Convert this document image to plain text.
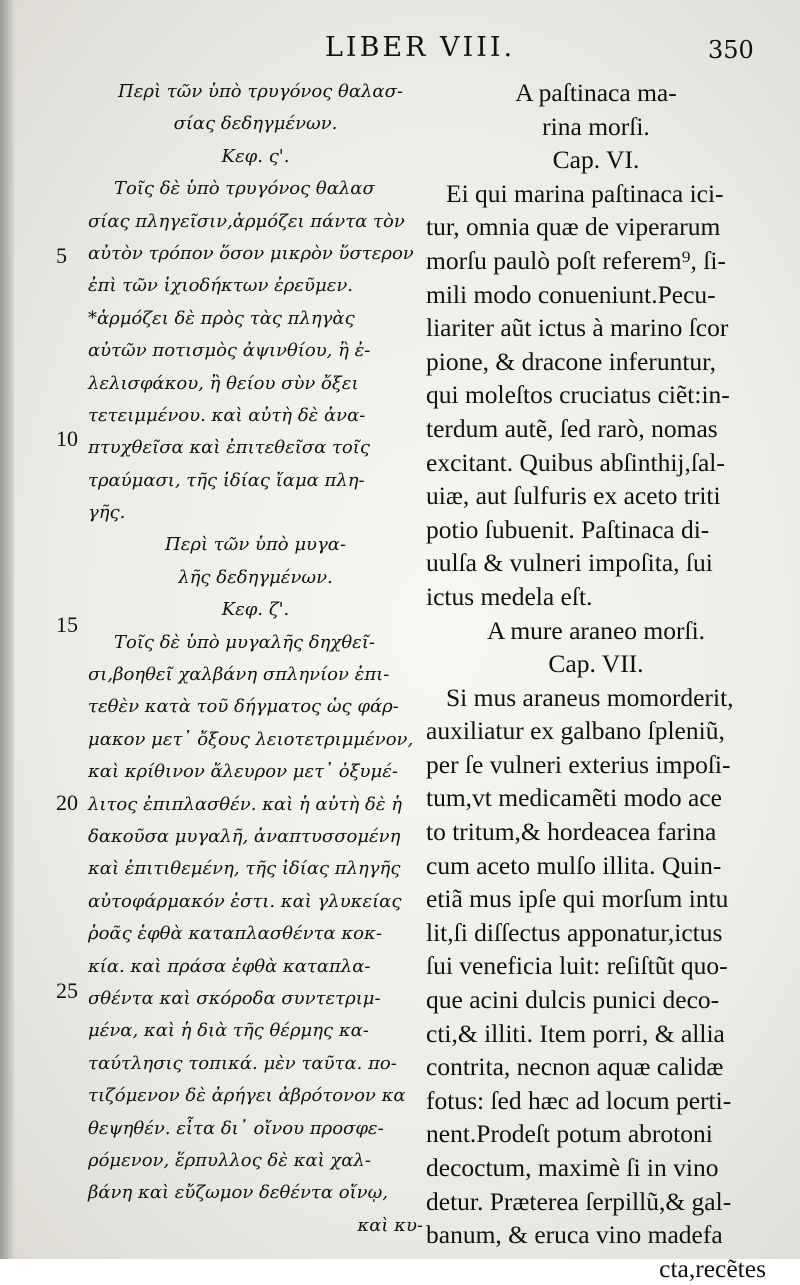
LIBER VIII.	350
5
10
15
20
25
Περὶ τῶν ὑπὸ τρυγόνος θαλασ-
σίας δεδηγμένων.
Κεφ. ς'.
Τοῖς δὲ ὑπὸ τρυγόνος θαλασ
σίας πληγεῖσιν,ἁρμόζει πάντα τὸν
αὐτὸν τρόπον ὅσον μικρὸν ὕστερον
ἐπὶ τῶν ἰχιοδήκτων ἐρεῦμεν.
*ἁρμόζει δὲ πρὸς τὰς πληγὰς
αὐτῶν ποτισμὸς ἀψινθίου, ἢ ἐ-
λελισφάκου, ἢ θείου σὺν ὄξει
τετειμμένου. καὶ αὐτὴ δὲ ἀνα-
πτυχθεῖσα καὶ ἐπιτεθεῖσα τοῖς
τραύμασι, τῆς ἰδίας ἴαμα πλη-
γῆς.
Περὶ τῶν ὑπὸ μυγα-
λῆς δεδηγμένων.
Κεφ. ζ'.
Τοῖς δὲ ὑπὸ μυγαλῆς δηχθεῖ-
σι,βοηθεῖ χαλβάνη σπληνίον ἐπι-
τεθὲν κατὰ τοῦ δήγματος ὡς φάρ-
μακον μετ᾽ ὄξους λειοτετριμμένον,
καὶ κρίθινον ἄλευρον μετ᾽ ὀξυμέ-
λιτος ἐπιπλασθέν. καὶ ἡ αὐτὴ δὲ ἡ
δακοῦσα μυγαλῆ, ἀναπτυσσομένη
καὶ ἐπιτιθεμένη, τῆς ἰδίας πληγῆς
αὐτοφάρμακόν ἐστι. καὶ γλυκείας
ῥοᾶς ἑφθὰ καταπλασθέντα κοκ-
κία. καὶ πράσα ἑφθὰ καταπλα-
σθέντα καὶ σκόροδα συντετριμ-
μένα, καὶ ἡ διὰ τῆς θέρμης κα-
ταύτλησις τοπικά. μὲν ταῦτα. πο-
τιζόμενον δὲ ἀρήγει ἀβρότονον κα
θεψηθέν. εἶτα δι᾽ οἴνου προσφε-
ρόμενον, ἕρπυλλος δὲ καὶ χαλ-
βάνη καὶ εὔζωμον δεθέντα οἴνῳ,
καὶ κυ-
A paſtinaca ma-
rina morſi.
Cap. VI.
Ei qui marina paſtinaca ici-
tur, omnia quæ de viperarum
morſu paulò poſt referem⁹, ſi-
mili modo conueniunt.Pecu-
liariter aũt ictus à marino ſcor
pione, & dracone inferuntur,
qui moleſtos cruciatus ciẽt:in-
terdum autẽ, ſed rarò, nomas
excitant. Quibus abſinthij,ſal-
uiæ, aut ſulfuris ex aceto triti
potio ſubuenit. Paſtinaca di-
uulſa & vulneri impoſita, ſui
ictus medela eſt.
A mure araneo morſi.
Cap. VII.
Si mus araneus momorderit,
auxiliatur ex galbano ſpleniũ,
per ſe vulneri exterius impoſi-
tum,vt medicamẽti modo ace
to tritum,& hordeacea farina
cum aceto mulſo illita. Quin-
etiã mus ipſe qui morſum intu
lit,ſi diſſectus apponatur,ictus
ſui veneficia luit: reſiſtũt quo-
que acini dulcis punici deco-
cti,& illiti. Item porri, & allia
contrita, necnon aquæ calidæ
fotus: ſed hæc ad locum perti-
nent.Prodeſt potum abrotoni
decoctum, maximè ſi in vino
detur. Præterea ſerpillũ,& gal-
banum, & eruca vino madefa
cta,recẽtes
